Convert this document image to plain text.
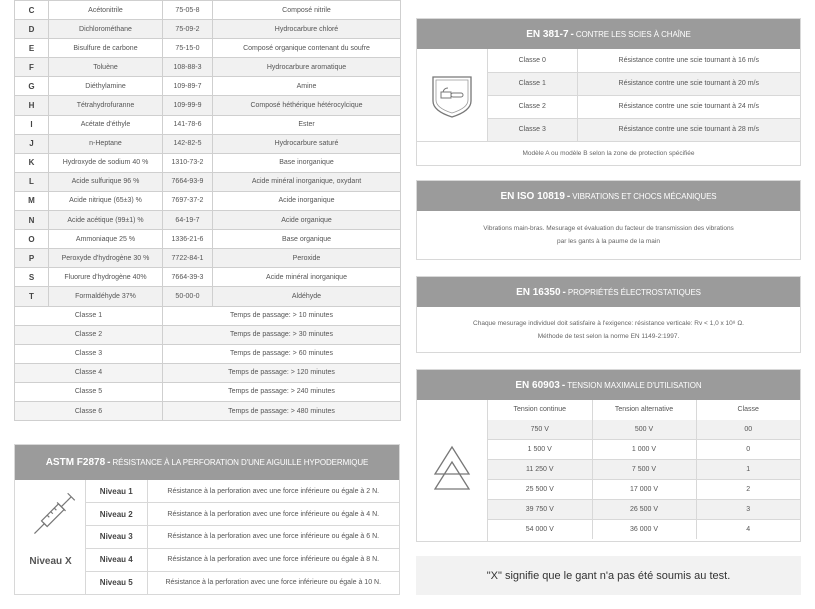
C	Acétonitrile	75-05-8	Composé nitrile
D	Dichlorométhane	75-09-2	Hydrocarbure chloré
E	Bisulfure de carbone	75-15-0	Composé organique contenant du soufre
F	Toluène	108-88-3	Hydrocarbure aromatique
G	Diéthylamine	109-89-7	Amine
H	Tétrahydrofuranne	109-99-9	Composé héthérique hétérocylcique
I	Acétate d'éthyle	141-78-6	Ester
J	n-Heptane	142-82-5	Hydrocarbure saturé
K	Hydroxyde de sodium 40 %	1310-73-2	Base inorganique
L	Acide sulfurique 96 %	7664-93-9	Acide minéral inorganique, oxydant
M	Acide nitrique (65±3) %	7697-37-2	Acide inorganique
N	Acide acétique (99±1) %	64-19-7	Acide organique
O	Ammoniaque 25 %	1336-21-6	Base organique
P	Peroxyde d'hydrogène 30 %	7722-84-1	Peroxide
S	Fluorure d'hydrogène 40%	7664-39-3	Acide minéral inorganique
T	Formaldéhyde 37%	50-00-0	Aldéhyde
Classe 1		Temps de passage: > 10 minutes	
Classe 2		Temps de passage: > 30 minutes	
Classe 3		Temps de passage: > 60 minutes	
Classe 4		Temps de passage: > 120 minutes	
Classe 5		Temps de passage: > 240 minutes	
Classe 6		Temps de passage: > 480 minutes	
ASTM F2878 - RÉSISTANCE À LA PERFORATION D'UNE AIGUILLE HYPODERMIQUE
Niveau X
Niveau 1	Résistance à la perforation avec une force inférieure ou égale à 2 N.
Niveau 2	Résistance à la perforation avec une force inférieure ou égale à 4 N.
Niveau 3	Résistance à la perforation avec une force inférieure ou égale à 6 N.
Niveau 4	Résistance à la perforation avec une force inférieure ou égale à 8 N.
Niveau 5	Résistance à la perforation avec une force inférieure ou égale à 10 N.
EN 381-7 - CONTRE LES SCIES À CHAÎNE
Classe 0	Résistance contre une scie tournant à 16 m/s
Classe 1	Résistance contre une scie tournant à 20 m/s
Classe 2	Résistance contre une scie tournant à 24 m/s
Classe 3	Résistance contre une scie tournant à 28 m/s
Modèle A ou modèle B selon la zone de protection spécifiée
EN ISO 10819 - VIBRATIONS ET CHOCS MÉCANIQUES
Vibrations main-bras. Mesurage et évaluation du facteur de transmission des vibrations
par les gants à la paume de la main
EN 16350 - PROPRIÉTÉS ÉLECTROSTATIQUES
Chaque mesurage individuel doit satisfaire à l'exigence: résistance verticale: Rv < 1,0 x 10⁸ Ω.
Méthode de test selon la norme EN 1149-2:1997.
EN 60903 - TENSION MAXIMALE D'UTILISATION
Tension continue	Tension alternative	Classe
750 V	500 V	00
1 500 V	1 000 V	0
11 250 V	7 500 V	1
25 500 V	17 000 V	2
39 750 V	26 500 V	3
54 000 V	36 000 V	4
"X" signifie que le gant n'a pas été soumis au test.
